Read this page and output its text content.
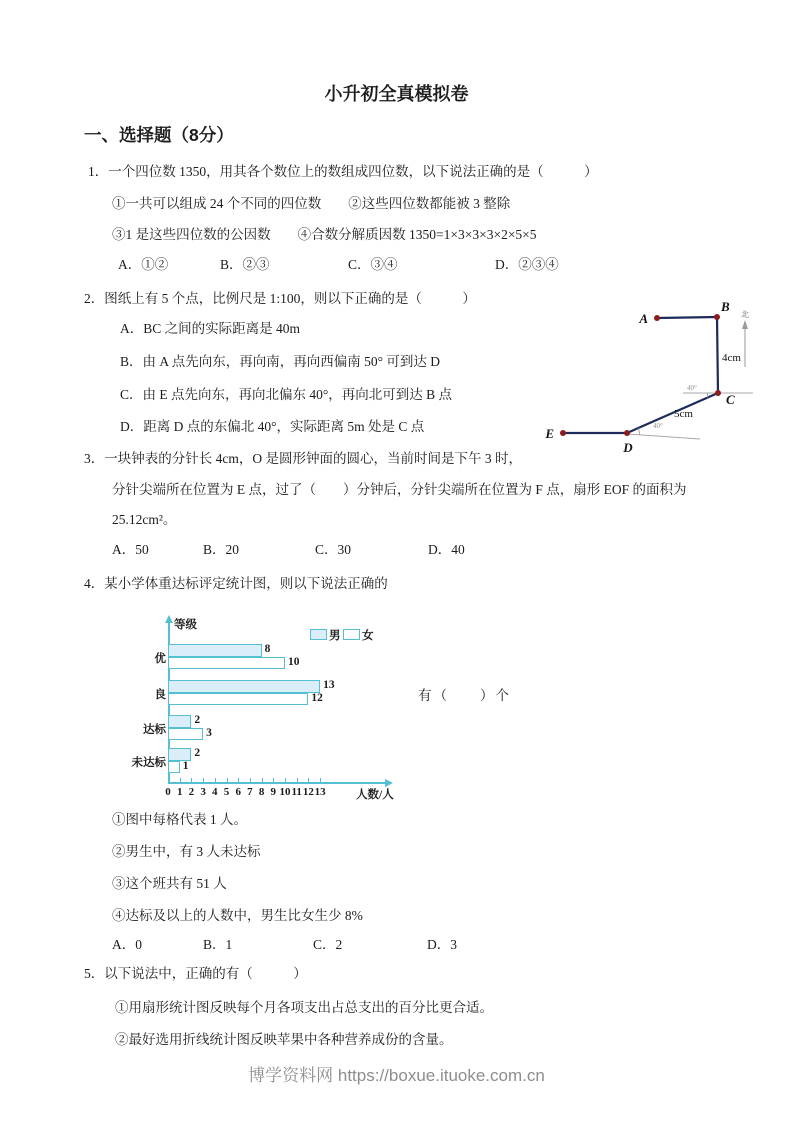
小升初全真模拟卷
一、选择题（8分）
1．一个四位数 1350，用其各个数位上的数组成四位数，以下说法正确的是（　　　）
①一共可以组成 24 个不同的四位数　　②这些四位数都能被 3 整除
③1 是这些四位数的公因数　　④合数分解质因数 1350=1×3×3×3×2×5×5
A．①②	B．②③	C．③④	D．②③④
2．图纸上有 5 个点，比例尺是 1:100，则以下正确的是（　　　）
A．BC 之间的实际距离是 40m
B．由 A 点先向东，再向南，再向西偏南 50° 可到达 D
C．由 E 点先向东，再向北偏东 40°，再向北可到达 B 点
D．距离 D 点的东偏北 40°，实际距离 5m 处是 C 点
北
A
B
C
D
E
4cm
5cm
40°
40°
3．一块钟表的分针长 4cm，O 是圆形钟面的圆心，当前时间是下午 3 时，
分针尖端所在位置为 E 点，过了（　　）分钟后，分针尖端所在位置为 F 点，扇形 EOF 的面积为
25.12cm²。
A．50	B．20	C．30	D．40
4．某小学体重达标评定统计图，则以下说法正确的
等级
人数/人
0 1 2 3 4 5 6 7 8 9 10 11 12 13
8
10
优
13
12
良
2
3
达标
2
1
未达标
男 女
有（　　）个
①图中每格代表 1 人。
②男生中，有 3 人未达标
③这个班共有 51 人
④达标及以上的人数中，男生比女生少 8%
A．0	B．1	C．2	D．3
5．以下说法中，正确的有（　　　）
①用扇形统计图反映每个月各项支出占总支出的百分比更合适。
②最好选用折线统计图反映苹果中各种营养成份的含量。
博学资料网 https://boxue.ituoke.com.cn
